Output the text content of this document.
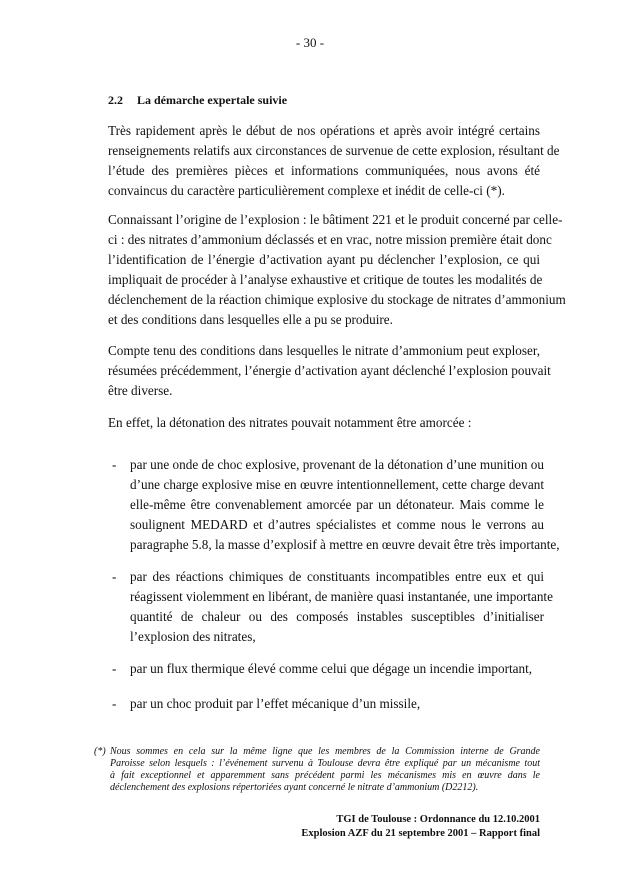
- 30 -
2.2 La démarche expertale suivie

Très rapidement après le début de nos opérations et après avoir intégré certains
renseignements relatifs aux circonstances de survenue de cette explosion, résultant de
l’étude des premières pièces et informations communiquées, nous avons été
convaincus du caractère particulièrement complexe et inédit de celle-ci (*).

Connaissant l’origine de l’explosion : le bâtiment 221 et le produit concerné par celle-
ci : des nitrates d’ammonium déclassés et en vrac, notre mission première était donc
l’identification de l’énergie d’activation ayant pu déclencher l’explosion, ce qui
impliquait de procéder à l’analyse exhaustive et critique de toutes les modalités de
déclenchement de la réaction chimique explosive du stockage de nitrates d’ammonium
et des conditions dans lesquelles elle a pu se produire.

Compte tenu des conditions dans lesquelles le nitrate d’ammonium peut exploser,
résumées précédemment, l’énergie d’activation ayant déclenché l’explosion pouvait
être diverse.

En effet, la détonation des nitrates pouvait notamment être amorcée :

-	par une onde de choc explosive, provenant de la détonation d’une munition ou
d’une charge explosive mise en œuvre intentionnellement, cette charge devant
elle-même être convenablement amorcée par un détonateur. Mais comme le
soulignent MEDARD et d’autres spécialistes et comme nous le verrons au
paragraphe 5.8, la masse d’explosif à mettre en œuvre devait être très importante,
-	par des réactions chimiques de constituants incompatibles entre eux et qui
réagissent violemment en libérant, de manière quasi instantanée, une importante
quantité de chaleur ou des composés instables susceptibles d’initialiser
l’explosion des nitrates,
-	par un flux thermique élevé comme celui que dégage un incendie important,
-	par un choc produit par l’effet mécanique d’un missile,
(*) Nous sommes en cela sur la même ligne que les membres de la Commission interne de Grande
Paroisse selon lesquels : l’événement survenu à Toulouse devra être expliqué par un mécanisme tout
à fait exceptionnel et apparemment sans précédent parmi les mécanismes mis en œuvre dans le
déclenchement des explosions répertoriées ayant concerné le nitrate d’ammonium (D2212).
TGI de Toulouse : Ordonnance du 12.10.2001
Explosion AZF du 21 septembre 2001 – Rapport final
